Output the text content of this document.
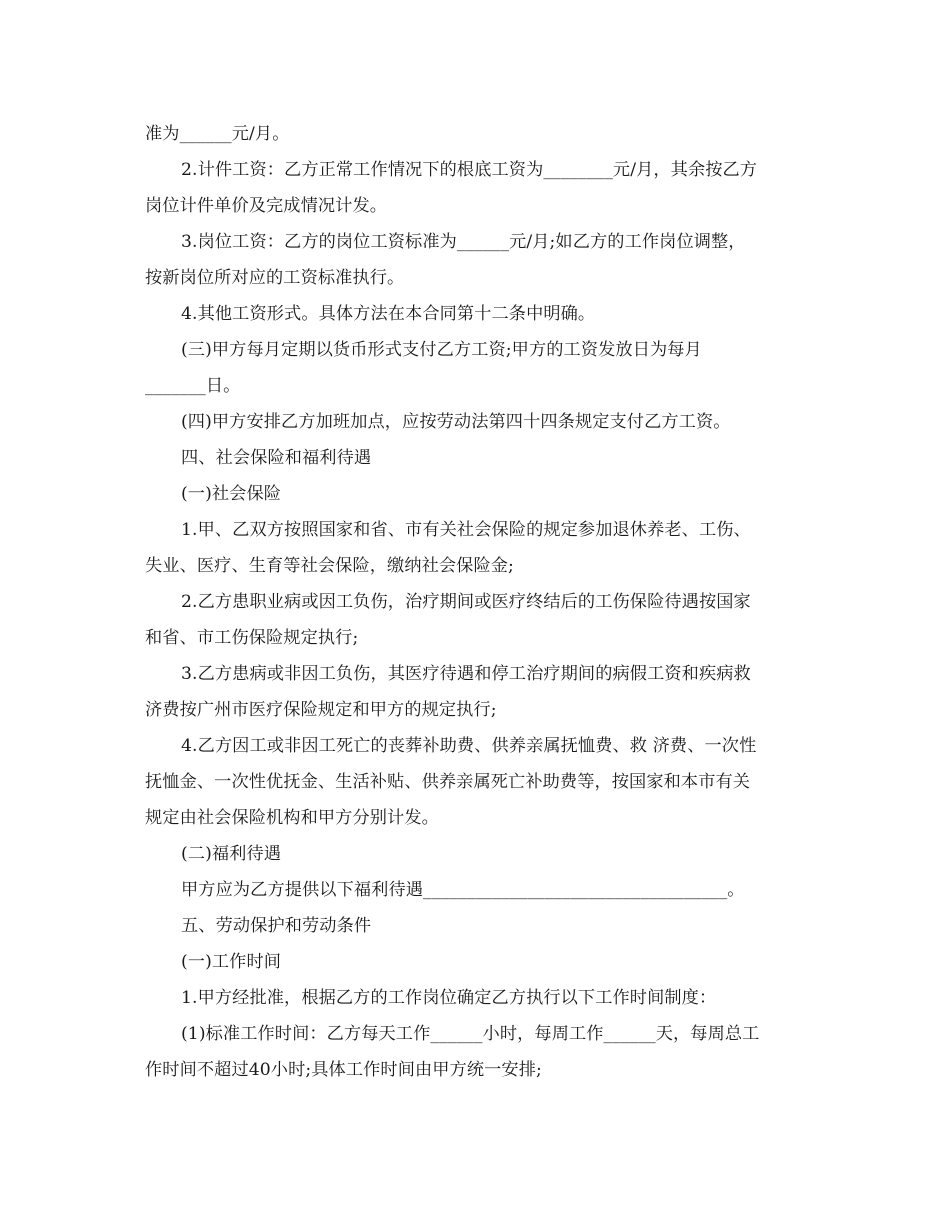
准为______元/月。
2.计件工资：乙方正常工作情况下的根底工资为________元/月，其余按乙方
岗位计件单价及完成情况计发。
3.岗位工资：乙方的岗位工资标准为______元/月;如乙方的工作岗位调整，
按新岗位所对应的工资标准执行。
4.其他工资形式。具体方法在本合同第十二条中明确。
(三)甲方每月定期以货币形式支付乙方工资;甲方的工资发放日为每月
_______日。
(四)甲方安排乙方加班加点，应按劳动法第四十四条规定支付乙方工资。
四、社会保险和福利待遇
(一)社会保险
1.甲、乙双方按照国家和省、市有关社会保险的规定参加退休养老、工伤、
失业、医疗、生育等社会保险，缴纳社会保险金;
2.乙方患职业病或因工负伤，治疗期间或医疗终结后的工伤保险待遇按国家
和省、市工伤保险规定执行;
3.乙方患病或非因工负伤，其医疗待遇和停工治疗期间的病假工资和疾病救
济费按广州市医疗保险规定和甲方的规定执行;
4.乙方因工或非因工死亡的丧葬补助费、供养亲属抚恤费、救 济费、一次性
抚恤金、一次性优抚金、生活补贴、供养亲属死亡补助费等，按国家和本市有关
规定由社会保险机构和甲方分别计发。
(二)福利待遇
甲方应为乙方提供以下福利待遇___________________________________。
五、劳动保护和劳动条件
(一)工作时间
1.甲方经批准，根据乙方的工作岗位确定乙方执行以下工作时间制度：
(1)标准工作时间：乙方每天工作______小时，每周工作______天，每周总工
作时间不超过40小时;具体工作时间由甲方统一安排;
